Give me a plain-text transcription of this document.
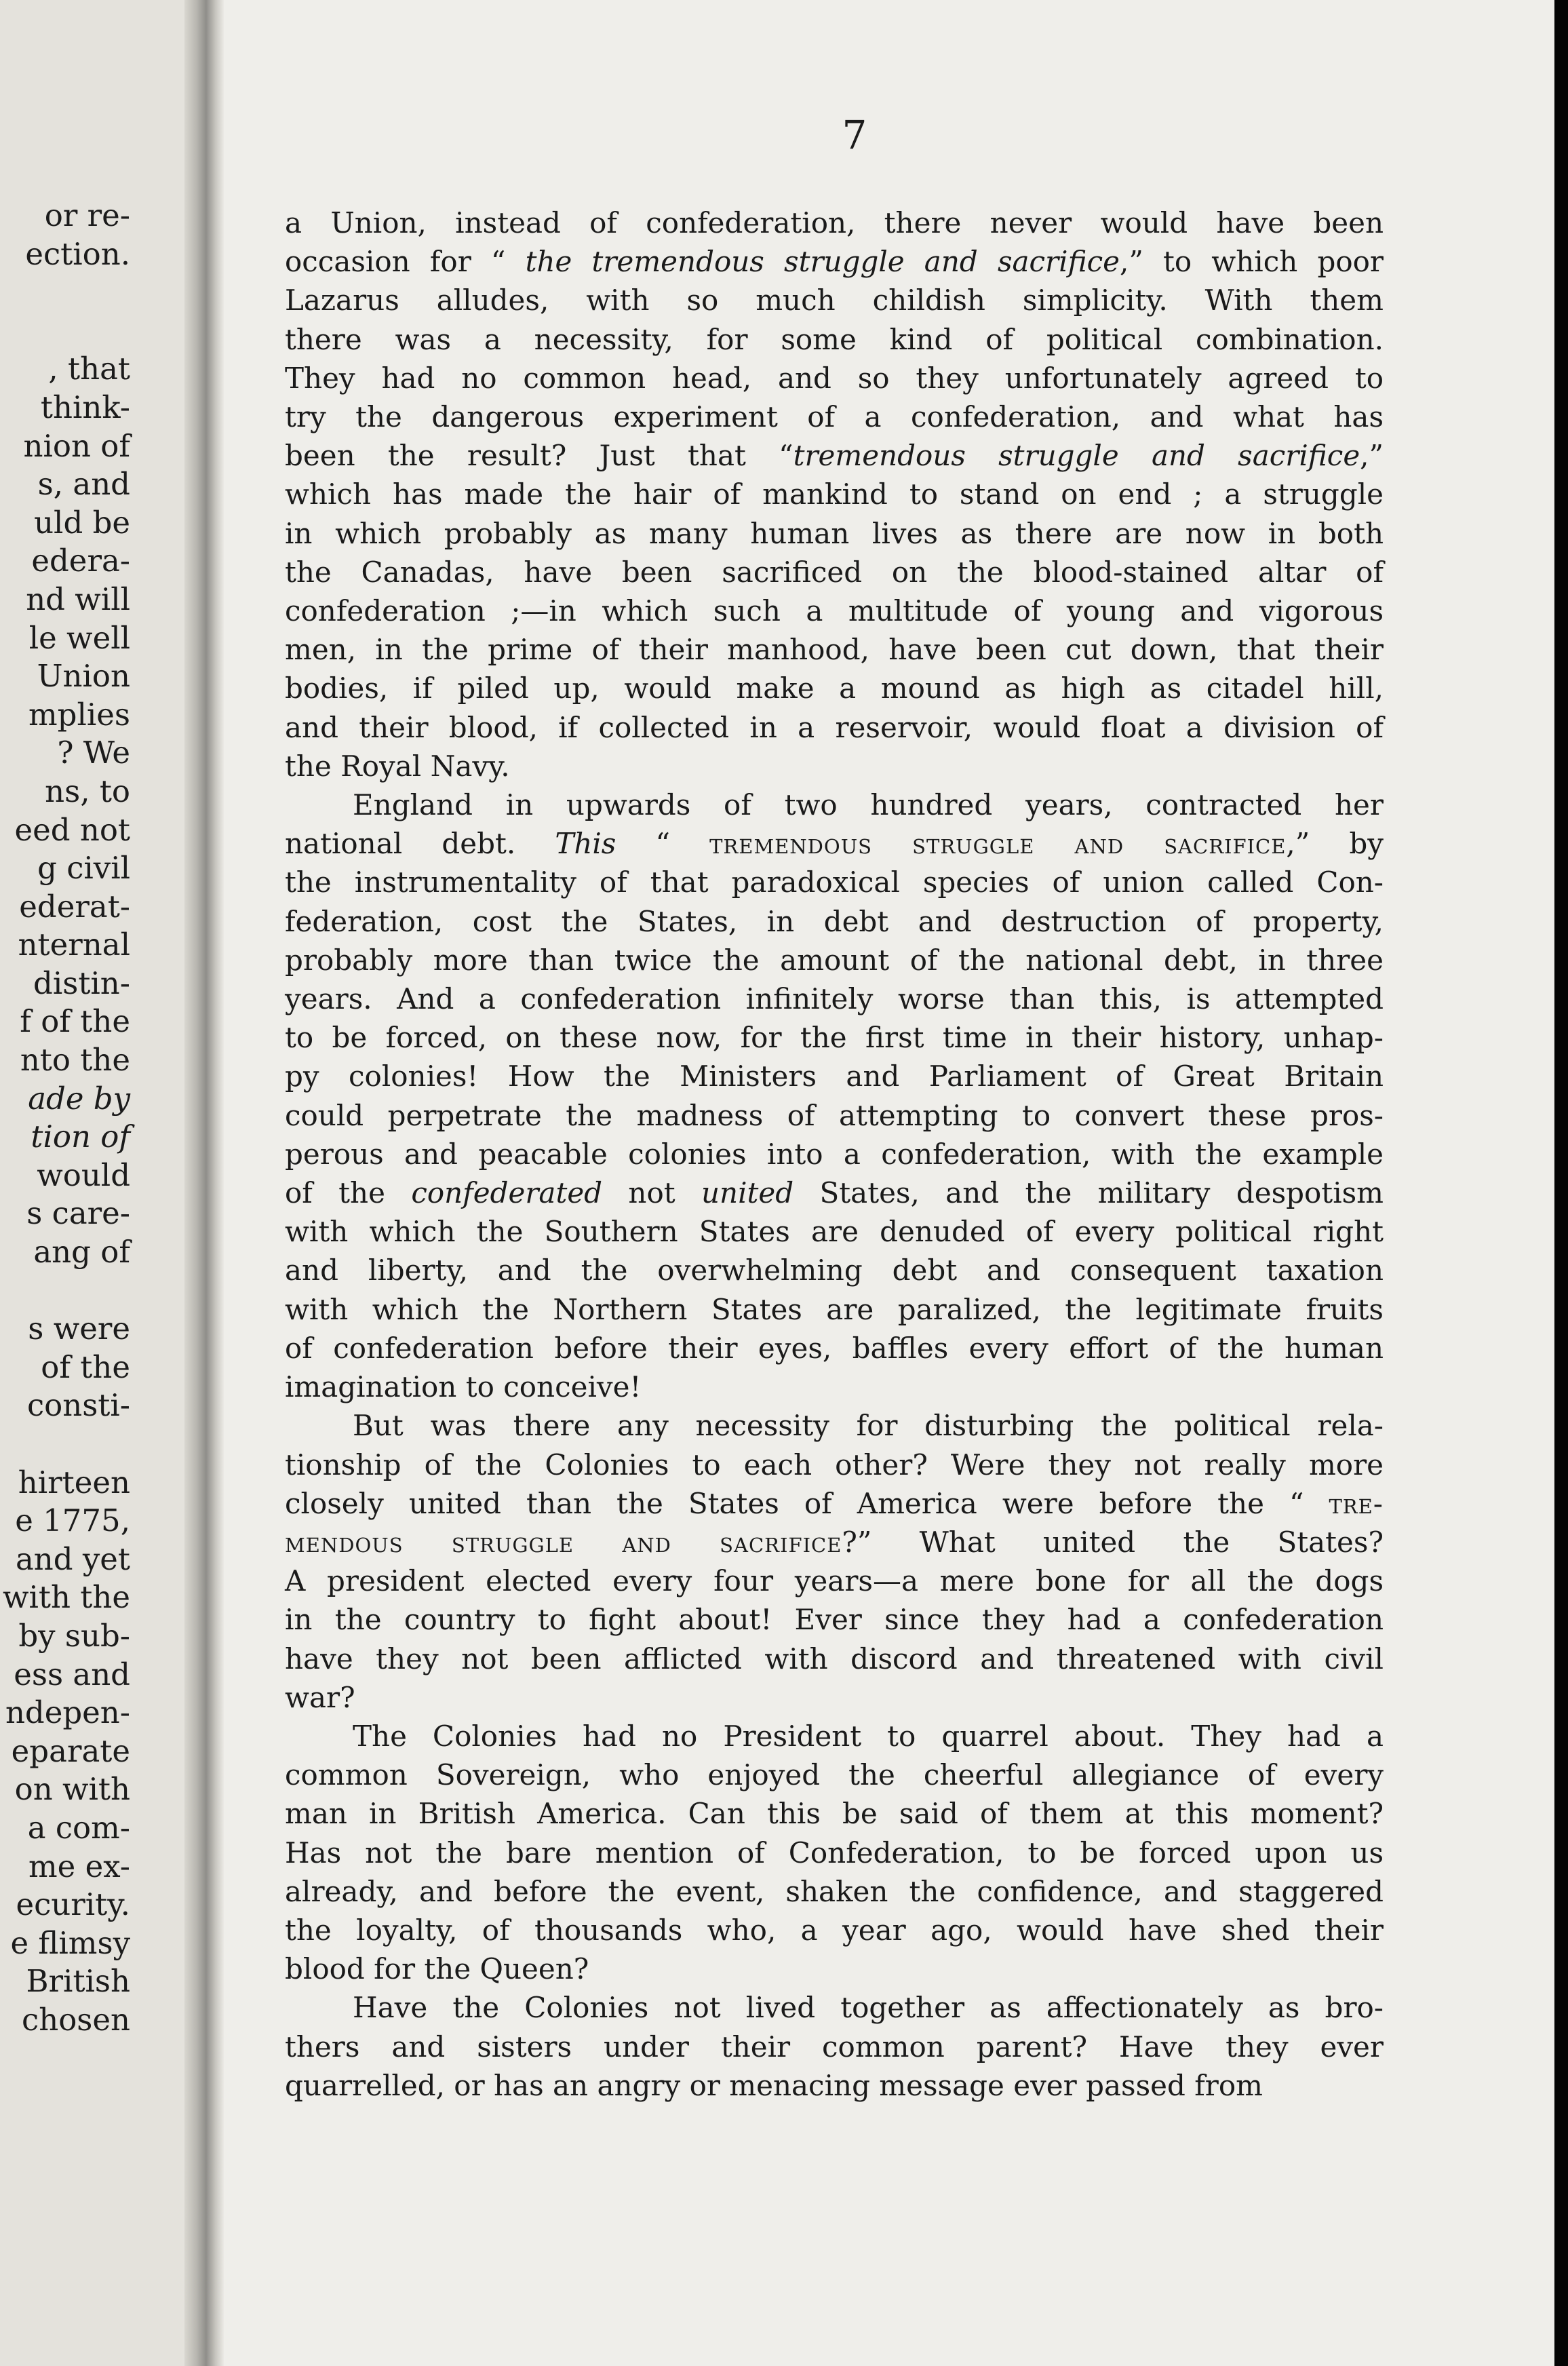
or re-
ection.
, that
think-
nion of
s, and
uld be
edera-
nd will
le well
Union
mplies
? We
ns, to
eed not
g civil
ederat-
nternal
distin-
f of the
nto the
ade by
tion of
would
s care-
ang of
s were
of the
consti-
hirteen
e 1775,
and yet
with the
by sub-
ess and
ndepen-
eparate
on with
a com-
me ex-
ecurity.
e flimsy
British
chosen
7

a Union, instead of confederation, there never would have been
occasion for “ the tremendous struggle and sacrifice,” to which poor
Lazarus alludes, with so much childish simplicity. With them
there was a necessity, for some kind of political combination.
They had no common head, and so they unfortunately agreed to
try the dangerous experiment of a confederation, and what has
been the result? Just that “tremendous struggle and sacrifice,”
which has made the hair of mankind to stand on end ; a struggle
in which probably as many human lives as there are now in both
the Canadas, have been sacrificed on the blood-stained altar of
confederation ;—in which such a multitude of young and vigorous
men, in the prime of their manhood, have been cut down, that their
bodies, if piled up, would make a mound as high as citadel hill,
and their blood, if collected in a reservoir, would float a division of
the Royal Navy.

England in upwards of two hundred years, contracted her
national debt. This “ tremendous struggle and sacrifice,” by
the instrumentality of that paradoxical species of union called Con-
federation, cost the States, in debt and destruction of property,
probably more than twice the amount of the national debt, in three
years. And a confederation infinitely worse than this, is attempted
to be forced, on these now, for the first time in their history, unhap-
py colonies! How the Ministers and Parliament of Great Britain
could perpetrate the madness of attempting to convert these pros-
perous and peacable colonies into a confederation, with the example
of the confederated not united States, and the military despotism
with which the Southern States are denuded of every political right
and liberty, and the overwhelming debt and consequent taxation
with which the Northern States are paralized, the legitimate fruits
of confederation before their eyes, baffles every effort of the human
imagination to conceive!

But was there any necessity for disturbing the political rela-
tionship of the Colonies to each other? Were they not really more
closely united than the States of America were before the “ tre-
mendous struggle and sacrifice?” What united the States?
A president elected every four years—a mere bone for all the dogs
in the country to fight about! Ever since they had a confederation
have they not been afflicted with discord and threatened with civil
war?

The Colonies had no President to quarrel about. They had a
common Sovereign, who enjoyed the cheerful allegiance of every
man in British America. Can this be said of them at this moment?
Has not the bare mention of Confederation, to be forced upon us
already, and before the event, shaken the confidence, and staggered
the loyalty, of thousands who, a year ago, would have shed their
blood for the Queen?

Have the Colonies not lived together as affectionately as bro-
thers and sisters under their common parent? Have they ever
quarrelled, or has an angry or menacing message ever passed from
